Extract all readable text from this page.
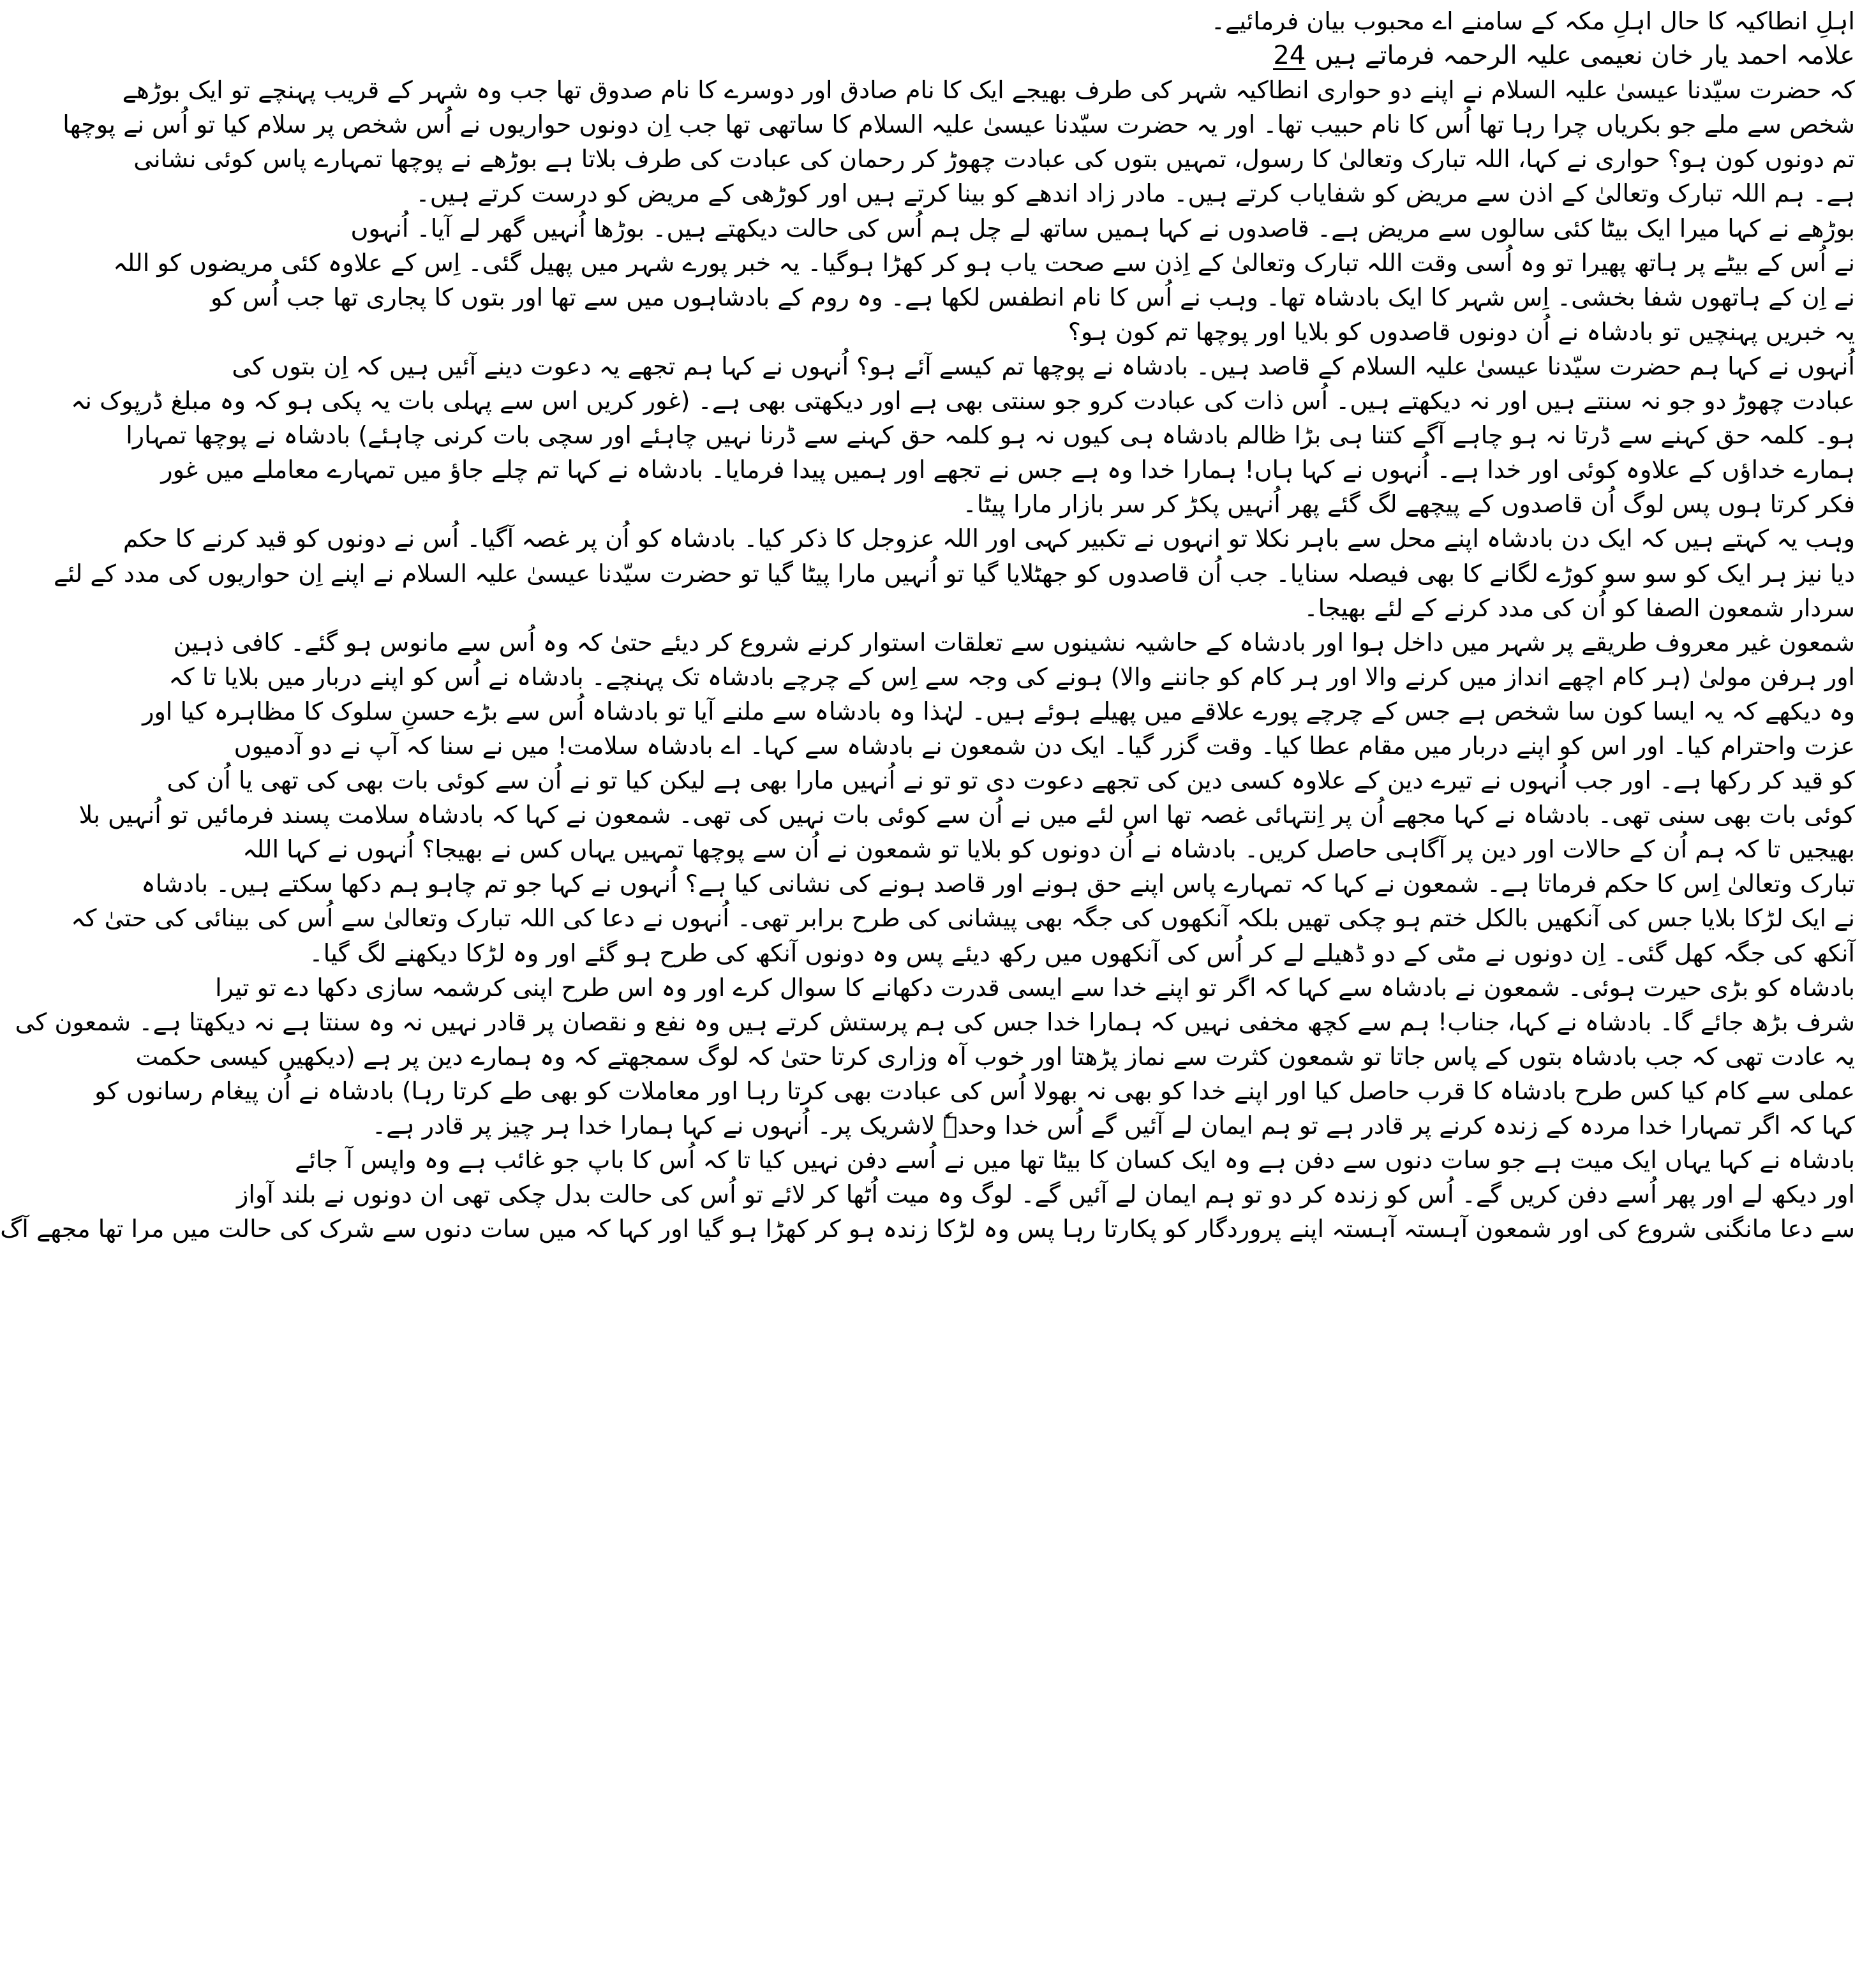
اہلِ انطاکیہ کا حال اہلِ مکہ کے سامنے اے محبوب بیان فرمائیے۔
علامہ احمد یار خان نعیمی علیہ الرحمہ فرماتے ہیں24
کہ حضرت سیّدنا عیسیٰ علیہ السلام نے اپنے دو حواری انطاکیہ شہر کی طرف بھیجے ایک کا نام صادق اور دوسرے کا نام صدوق تھا جب وہ شہر کے قریب پہنچے تو ایک بوڑھے
شخص سے ملے جو بکریاں چرا رہا تھا اُس کا نام حبیب تھا۔ اور یہ حضرت سیّدنا عیسیٰ علیہ السلام کا ساتھی تھا جب اِن دونوں حواریوں نے اُس شخص پر سلام کیا تو اُس نے پوچھا
تم دونوں کون ہو؟ حواری نے کہا، اللہ تبارک وتعالیٰ کا رسول، تمہیں بتوں کی عبادت چھوڑ کر رحمان کی عبادت کی طرف بلاتا ہے بوڑھے نے پوچھا تمہارے پاس کوئی نشانی
ہے۔ ہم اللہ تبارک وتعالیٰ کے اذن سے مریض کو شفایاب کرتے ہیں۔ مادر زاد اندھے کو بینا کرتے ہیں اور کوڑھی کے مریض کو درست کرتے ہیں۔
بوڑھے نے کہا میرا ایک بیٹا کئی سالوں سے مریض ہے۔ قاصدوں نے کہا ہمیں ساتھ لے چل ہم اُس کی حالت دیکھتے ہیں۔ بوڑھا اُنہیں گھر لے آیا۔ اُنہوں
نے اُس کے بیٹے پر ہاتھ پھیرا تو وہ اُسی وقت اللہ تبارک وتعالیٰ کے اِذن سے صحت یاب ہو کر کھڑا ہوگیا۔ یہ خبر پورے شہر میں پھیل گئی۔ اِس کے علاوہ کئی مریضوں کو اللہ
نے اِن کے ہاتھوں شفا بخشی۔ اِس شہر کا ایک بادشاہ تھا۔ وہب نے اُس کا نام انطفس لکھا ہے۔ وہ روم کے بادشاہوں میں سے تھا اور بتوں کا پجاری تھا جب اُس کو
یہ خبریں پہنچیں تو بادشاہ نے اُن دونوں قاصدوں کو بلایا اور پوچھا تم کون ہو؟
اُنہوں نے کہا ہم حضرت سیّدنا عیسیٰ علیہ السلام کے قاصد ہیں۔ بادشاہ نے پوچھا تم کیسے آئے ہو؟ اُنہوں نے کہا ہم تجھے یہ دعوت دینے آئیں ہیں کہ اِن بتوں کی
عبادت چھوڑ دو جو نہ سنتے ہیں اور نہ دیکھتے ہیں۔ اُس ذات کی عبادت کرو جو سنتی بھی ہے اور دیکھتی بھی ہے۔ (غور کریں اس سے پہلی بات یہ پکی ہو کہ وہ مبلغ ڈرپوک نہ
ہو۔ کلمہ حق کہنے سے ڈرتا نہ ہو چاہے آگے کتنا ہی بڑا ظالم بادشاہ ہی کیوں نہ ہو کلمہ حق کہنے سے ڈرنا نہیں چاہئے اور سچی بات کرنی چاہئے) بادشاہ نے پوچھا تمہارا
ہمارے خداؤں کے علاوہ کوئی اور خدا ہے۔ اُنہوں نے کہا ہاں! ہمارا خدا وہ ہے جس نے تجھے اور ہمیں پیدا فرمایا۔ بادشاہ نے کہا تم چلے جاؤ میں تمہارے معاملے میں غور
فکر کرتا ہوں پس لوگ اُن قاصدوں کے پیچھے لگ گئے پھر اُنہیں پکڑ کر سر بازار مارا پیٹا۔
وہب یہ کہتے ہیں کہ ایک دن بادشاہ اپنے محل سے باہر نکلا تو انہوں نے تکبیر کہی اور اللہ عزوجل کا ذکر کیا۔ بادشاہ کو اُن پر غصہ آگیا۔ اُس نے دونوں کو قید کرنے کا حکم
دیا نیز ہر ایک کو سو سو کوڑے لگانے کا بھی فیصلہ سنایا۔ جب اُن قاصدوں کو جھٹلایا گیا تو اُنہیں مارا پیٹا گیا تو حضرت سیّدنا عیسیٰ علیہ السلام نے اپنے اِن حواریوں کی مدد کے لئے
سردار شمعون الصفا کو اُن کی مدد کرنے کے لئے بھیجا۔
شمعون غیر معروف طریقے پر شہر میں داخل ہوا اور بادشاہ کے حاشیہ نشینوں سے تعلقات استوار کرنے شروع کر دیئے حتیٰ کہ وہ اُس سے مانوس ہو گئے۔ کافی ذہین
اور ہرفن مولیٰ (ہر کام اچھے انداز میں کرنے والا اور ہر کام کو جاننے والا) ہونے کی وجہ سے اِس کے چرچے بادشاہ تک پہنچے۔ بادشاہ نے اُس کو اپنے دربار میں بلایا تا کہ
وہ دیکھے کہ یہ ایسا کون سا شخص ہے جس کے چرچے پورے علاقے میں پھیلے ہوئے ہیں۔ لہٰذا وہ بادشاہ سے ملنے آیا تو بادشاہ اُس سے بڑے حسنِ سلوک کا مظاہرہ کیا اور
عزت واحترام کیا۔ اور اس کو اپنے دربار میں مقام عطا کیا۔ وقت گزر گیا۔ ایک دن شمعون نے بادشاہ سے کہا۔ اے بادشاہ سلامت! میں نے سنا کہ آپ نے دو آدمیوں
کو قید کر رکھا ہے۔ اور جب اُنہوں نے تیرے دین کے علاوہ کسی دین کی تجھے دعوت دی تو تو نے اُنہیں مارا بھی ہے لیکن کیا تو نے اُن سے کوئی بات بھی کی تھی یا اُن کی
کوئی بات بھی سنی تھی۔ بادشاہ نے کہا مجھے اُن پر اِنتہائی غصہ تھا اس لئے میں نے اُن سے کوئی بات نہیں کی تھی۔ شمعون نے کہا کہ بادشاہ سلامت پسند فرمائیں تو اُنہیں بلا
بھیجیں تا کہ ہم اُن کے حالات اور دین پر آگاہی حاصل کریں۔ بادشاہ نے اُن دونوں کو بلایا تو شمعون نے اُن سے پوچھا تمہیں یہاں کس نے بھیجا؟ اُنہوں نے کہا اللہ
تبارک وتعالیٰ اِس کا حکم فرماتا ہے۔ شمعون نے کہا کہ تمہارے پاس اپنے حق ہونے اور قاصد ہونے کی نشانی کیا ہے؟ اُنہوں نے کہا جو تم چاہو ہم دکھا سکتے ہیں۔ بادشاہ
نے ایک لڑکا بلایا جس کی آنکھیں بالکل ختم ہو چکی تھیں بلکہ آنکھوں کی جگہ بھی پیشانی کی طرح برابر تھی۔ اُنہوں نے دعا کی اللہ تبارک وتعالیٰ سے اُس کی بینائی کی حتیٰ کہ
آنکھ کی جگہ کھل گئی۔ اِن دونوں نے مٹی کے دو ڈھیلے لے کر اُس کی آنکھوں میں رکھ دیئے پس وہ دونوں آنکھ کی طرح ہو گئے اور وہ لڑکا دیکھنے لگ گیا۔
بادشاہ کو بڑی حیرت ہوئی۔ شمعون نے بادشاہ سے کہا کہ اگر تو اپنے خدا سے ایسی قدرت دکھانے کا سوال کرے اور وہ اس طرح اپنی کرشمہ سازی دکھا دے تو تیرا
شرف بڑھ جائے گا۔ بادشاہ نے کہا، جناب! ہم سے کچھ مخفی نہیں کہ ہمارا خدا جس کی ہم پرستش کرتے ہیں وہ نفع و نقصان پر قادر نہیں نہ وہ سنتا ہے نہ دیکھتا ہے۔ شمعون کی
یہ عادت تھی کہ جب بادشاہ بتوں کے پاس جاتا تو شمعون کثرت سے نماز پڑھتا اور خوب آہ وزاری کرتا حتیٰ کہ لوگ سمجھتے کہ وہ ہمارے دین پر ہے (دیکھیں کیسی حکمت
عملی سے کام کیا کس طرح بادشاہ کا قرب حاصل کیا اور اپنے خدا کو بھی نہ بھولا اُس کی عبادت بھی کرتا رہا اور معاملات کو بھی طے کرتا رہا) بادشاہ نے اُن پیغام رسانوں کو
کہا کہ اگر تمہارا خدا مردہ کے زندہ کرنے پر قادر ہے تو ہم ایمان لے آئیں گے اُس خدا وحدہٗ لاشریک پر۔ اُنہوں نے کہا ہمارا خدا ہر چیز پر قادر ہے۔
بادشاہ نے کہا یہاں ایک میت ہے جو سات دنوں سے دفن ہے وہ ایک کسان کا بیٹا تھا میں نے اُسے دفن نہیں کیا تا کہ اُس کا باپ جو غائب ہے وہ واپس آ جائے
اور دیکھ لے اور پھر اُسے دفن کریں گے۔ اُس کو زندہ کر دو تو ہم ایمان لے آئیں گے۔ لوگ وہ میت اُٹھا کر لائے تو اُس کی حالت بدل چکی تھی ان دونوں نے بلند آواز
سے دعا مانگنی شروع کی اور شمعون آہستہ آہستہ اپنے پروردگار کو پکارتا رہا پس وہ لڑکا زندہ ہو کر کھڑا ہو گیا اور کہا کہ میں سات دنوں سے شرک کی حالت میں مرا تھا مجھے آگ
